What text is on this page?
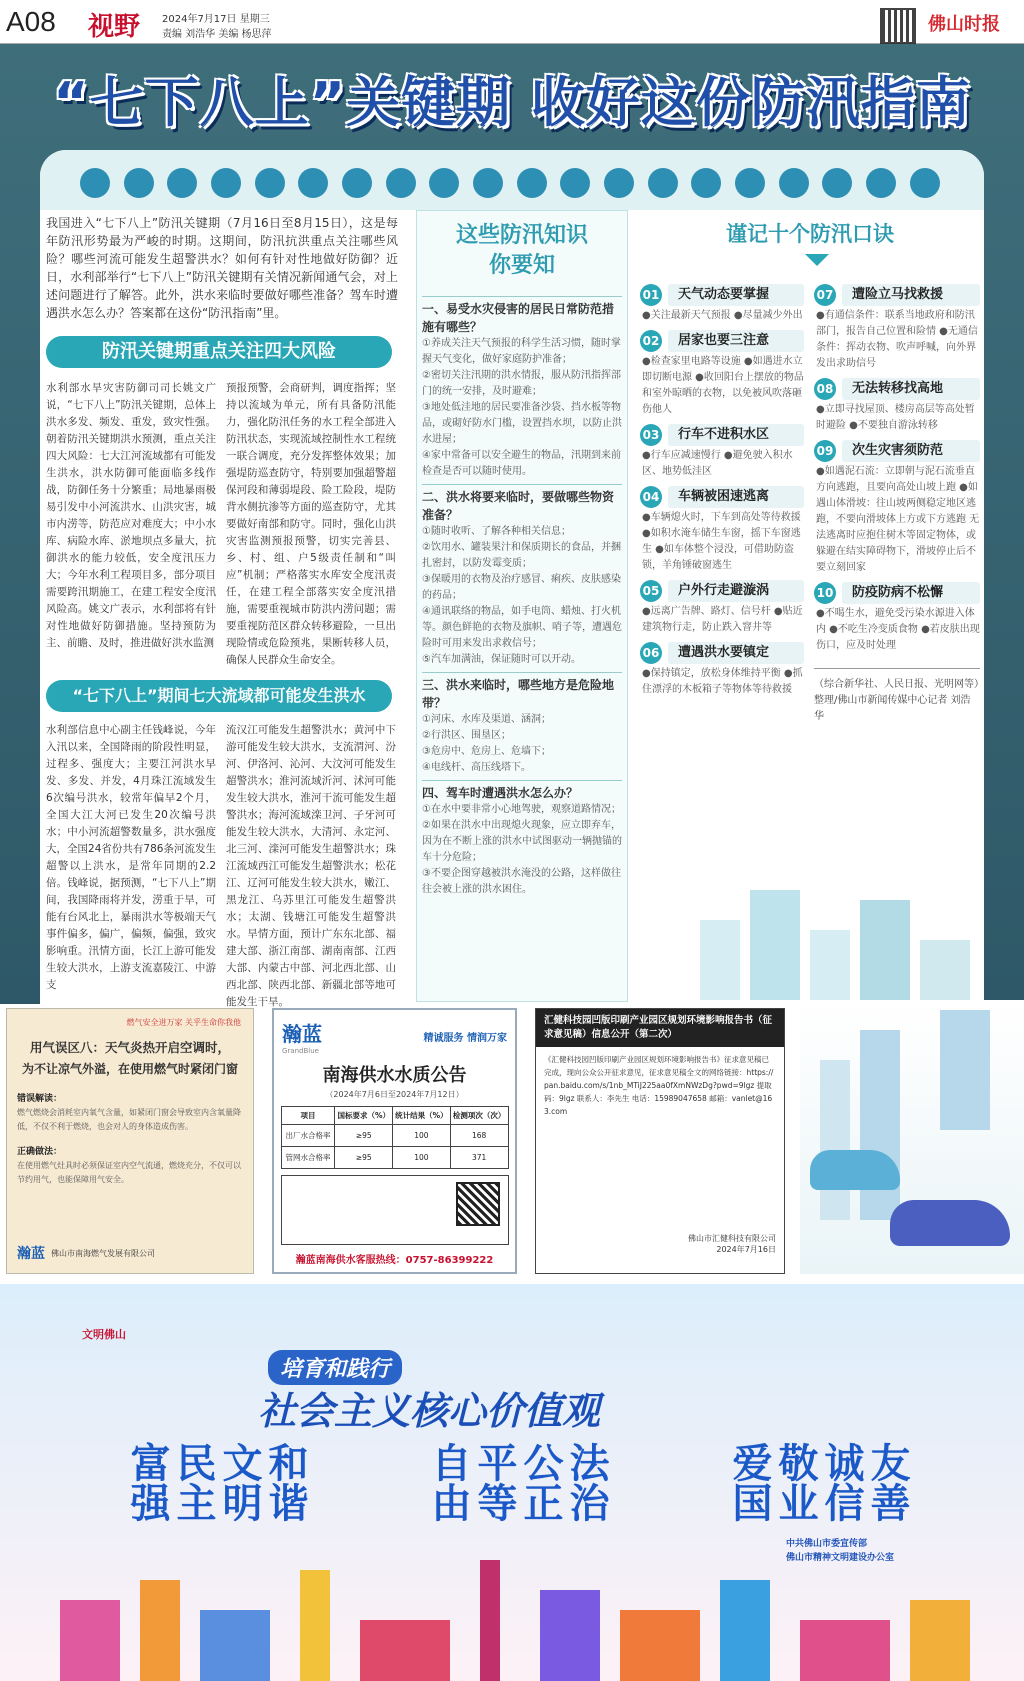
A08 视野 2024年7月17日 星期三
责编 刘浩华 美编 杨思萍	佛山时报
“七下八上”关键期 收好这份防汛指南
我国进入“七下八上”防汛关键期（7月16日至8月15日），这是每年防汛形势最为严峻的时期。这期间，防汛抗洪重点关注哪些风险？哪些河流可能发生超警洪水？如何有针对性地做好防御？近日，水利部举行“七下八上”防汛关键期有关情况新闻通气会，对上述问题进行了解答。此外，洪水来临时要做好哪些准备？驾车时遭遇洪水怎么办？答案都在这份“防汛指南”里。
防汛关键期重点关注四大风险
水利部水旱灾害防御司司长姚文广说，“七下八上”防汛关键期，总体上洪水多发、频发、重发，致灾性强。朝着防汛关键期洪水预测，重点关注四大风险：七大江河流域都有可能发生洪水，洪水防御可能面临多线作战，防御任务十分繁重；局地暴雨极易引发中小河流洪水、山洪灾害，城市内涝等，防范应对难度大；中小水库、病险水库、淤地坝点多量大，抗御洪水的能力较低，安全度汛压力大；今年水利工程项目多，部分项目需要跨汛期施工，在建工程安全度汛风险高。姚文广表示，水利部将有针对性地做好防御措施。坚持预防为主、前瞻、及时，推进做好洪水监测
预报预警，会商研判，调度指挥；坚持以流域为单元，所有具备防汛能力，强化防汛任务的水工程全部进入防汛状态，实现流域控制性水工程统一联合调度，充分发挥整体效果；加强堤防巡查防守，特别要加强超警超保河段和薄弱堤段、险工险段，堤防背水侧抗渗等方面的巡查防守，尤其要做好南部和防守。同时，强化山洪灾害监测预报预警，切实完善县、乡、村、组、户5级责任制和“叫应”机制；严格落实水库安全度汛责任，在建工程全部落实安全度汛措施，需要重视城市防洪内涝问题；需要重视防范区群众转移避险，一旦出现险情或危险预兆，果断转移人员，确保人民群众生命安全。
“七下八上”期间七大流域都可能发生洪水
水利部信息中心副主任钱峰说，今年入汛以来，全国降雨的阶段性明显，过程多、强度大；主要江河洪水早发、多发、并发，4月珠江流域发生6次编号洪水，较常年偏早2个月，全国大江大河已发生20次编号洪水；中小河流超警数量多，洪水强度大，全国24省份共有786条河流发生超警以上洪水，是常年同期的2.2倍。钱峰说，据预测，“七下八上”期间，我国降雨将并发，涝重于旱，可能有台风北上，暴雨洪水等极端天气事件偏多，偏广，偏频，偏强，致灾影响重。汛情方面，长江上游可能发生较大洪水，上游支流嘉陵江、中游支
流汉江可能发生超警洪水；黄河中下游可能发生较大洪水，支流渭河、汾河、伊洛河、沁河、大汶河可能发生超警洪水；淮河流域沂河、沭河可能发生较大洪水，淮河干流可能发生超警洪水；海河流域滦卫河、子牙河可能发生较大洪水，大清河、永定河、北三河、滦河可能发生超警洪水；珠江流域西江可能发生超警洪水；松花江、辽河可能发生较大洪水，嫩江、黑龙江、乌苏里江可能发生超警洪水；太湖、钱塘江可能发生超警洪水。旱情方面，预计广东东北部、福建大部、浙江南部、湖南南部、江西大部、内蒙古中部、河北西北部、山西北部、陕西北部、新疆北部等地可能发生干旱。
这些防汛知识
你要知
一、易受水灾侵害的居民日常防范措施有哪些？
①养成关注天气预报的科学生活习惯，随时掌握天气变化，做好家庭防护准备；
②密切关注汛期的洪水情报，服从防汛指挥部门的统一安排，及时避难；
③地处低洼地的居民要准备沙袋、挡水板等物品，或砌好防水门槛，设置挡水坝，以防止洪水进屋；
④家中常备可以安全避生的物品，汛期到来前检查是否可以随时使用。
二、洪水将要来临时，要做哪些物资准备？
①随时收听、了解各种相关信息；
②饮用水、罐装果汁和保质期长的食品，并捆扎密封，以防发霉变质；
③保暖用的衣物及治疗感冒、痢疾、皮肤感染的药品；
④通讯联络的物品，如手电筒、蜡烛、打火机等。颜色鲜艳的衣物及旗帜、哨子等，遭遇危险时可用来发出求救信号；
⑤汽车加满油，保证随时可以开动。
三、洪水来临时，哪些地方是危险地带？
①河床、水库及渠道、涵洞；
②行洪区、围垦区；
③危房中、危房上、危墙下；
④电线杆、高压线塔下。
四、驾车时遭遇洪水怎么办？
①在水中要非常小心地驾驶，观察道路情况；
②如果在洪水中出现熄火现象，应立即弃车，因为在不断上涨的洪水中试图驱动一辆抛锚的车十分危险；
③不要企图穿越被洪水淹没的公路，这样做往往会被上涨的洪水困住。
谨记十个防汛口诀
01	天气动态要掌握
●关注最新天气预报 ●尽量减少外出
02	居家也要三注意
●检查家里电路等设施 ●如遇进水立即切断电源 ●收回阳台上摆放的物品和室外晾晒的衣物，以免被风吹落砸伤他人
03	行车不进积水区
●行车应减速慢行 ●避免驶入积水区、地势低洼区
04	车辆被困速逃离
●车辆熄火时，下车到高处等待救援 ●如积水淹车储生车窗，摇下车窗逃生 ●如车体整个浸没，可借助防盗锁，羊角锤破窗逃生
05	户外行走避漩涡
●远离广告牌、路灯、信号杆 ●贴近建筑物行走，防止跌入窨井等
06	遭遇洪水要镇定
●保持镇定，放松身体维持平衡 ●抓住漂浮的木板箱子等物体等待救援
07	遭险立马找救援
●有通信条件：联系当地政府和防汛部门，报告自己位置和险情 ●无通信条件：挥动衣物、吹声呼喊，向外界发出求助信号
08	无法转移找高地
●立即寻找屋顶、楼房高层等高处暂时避险 ●不要独自游泳转移
09	次生灾害须防范
●如遇泥石流：立即朝与泥石流垂直方向逃跑，且要向高处山坡上跑 ●如遇山体滑坡：往山坡两侧稳定地区逃跑，不要向滑坡体上方或下方逃跑 无法逃离时应抱住树木等固定物体，或躲避在结实障碍物下，滑坡停止后不要立刻回家
10	防疫防病不松懈
●不喝生水，避免受污染水源进入体内 ●不吃生冷变质食物 ●若皮肤出现伤口，应及时处理
（综合新华社、人民日报、光明网等）整理/佛山市新闻传媒中心记者 刘浩华
燃气安全进万家 关乎生命你我他
用气误区八：天气炎热开启空调时，
为不让凉气外溢，在使用燃气时紧闭门窗
错误解读：
燃气燃烧会消耗室内氧气含量，如紧闭门窗会导致室内含氧量降低，不仅不利于燃烧，也会对人的身体造成伤害。
正确做法：
在使用燃气灶具时必须保证室内空气流通，燃烧充分，不仅可以节约用气，也能保障用气安全。
瀚蓝 佛山市南海燃气发展有限公司
瀚蓝
GrandBlue
精诚服务 情润万家
南海供水水质公告
（2024年7月6日至2024年7月12日）
项目	国标要求（%）	统计结果（%）	检测项次（次）
出厂水合格率	≥95	100	168
管网水合格率	≥95	100	371
瀚蓝南海供水客服热线：0757-86399222
汇健科技园凹版印刷产业园区规划环境影响报告书（征求意见稿）信息公开（第二次）
《汇健科技园凹版印刷产业园区规划环境影响报告书》征求意见稿已完成，现向公众公开征求意见，征求意见稿全文的网络链接：https://pan.baidu.com/s/1nb_MTiJ225aa0fXmNWzDg?pwd=9lgz 提取码：9lgz 联系人：李先生 电话：15989047658 邮箱：vanlet@163.com
佛山市汇健科技有限公司
2024年7月16日
文明佛山
培育和践行
社会主义核心价值观
富强 民主 文明 和谐	自由 平等 公正 法治	爱国 敬业 诚信 友善
中共佛山市委宣传部
佛山市精神文明建设办公室
